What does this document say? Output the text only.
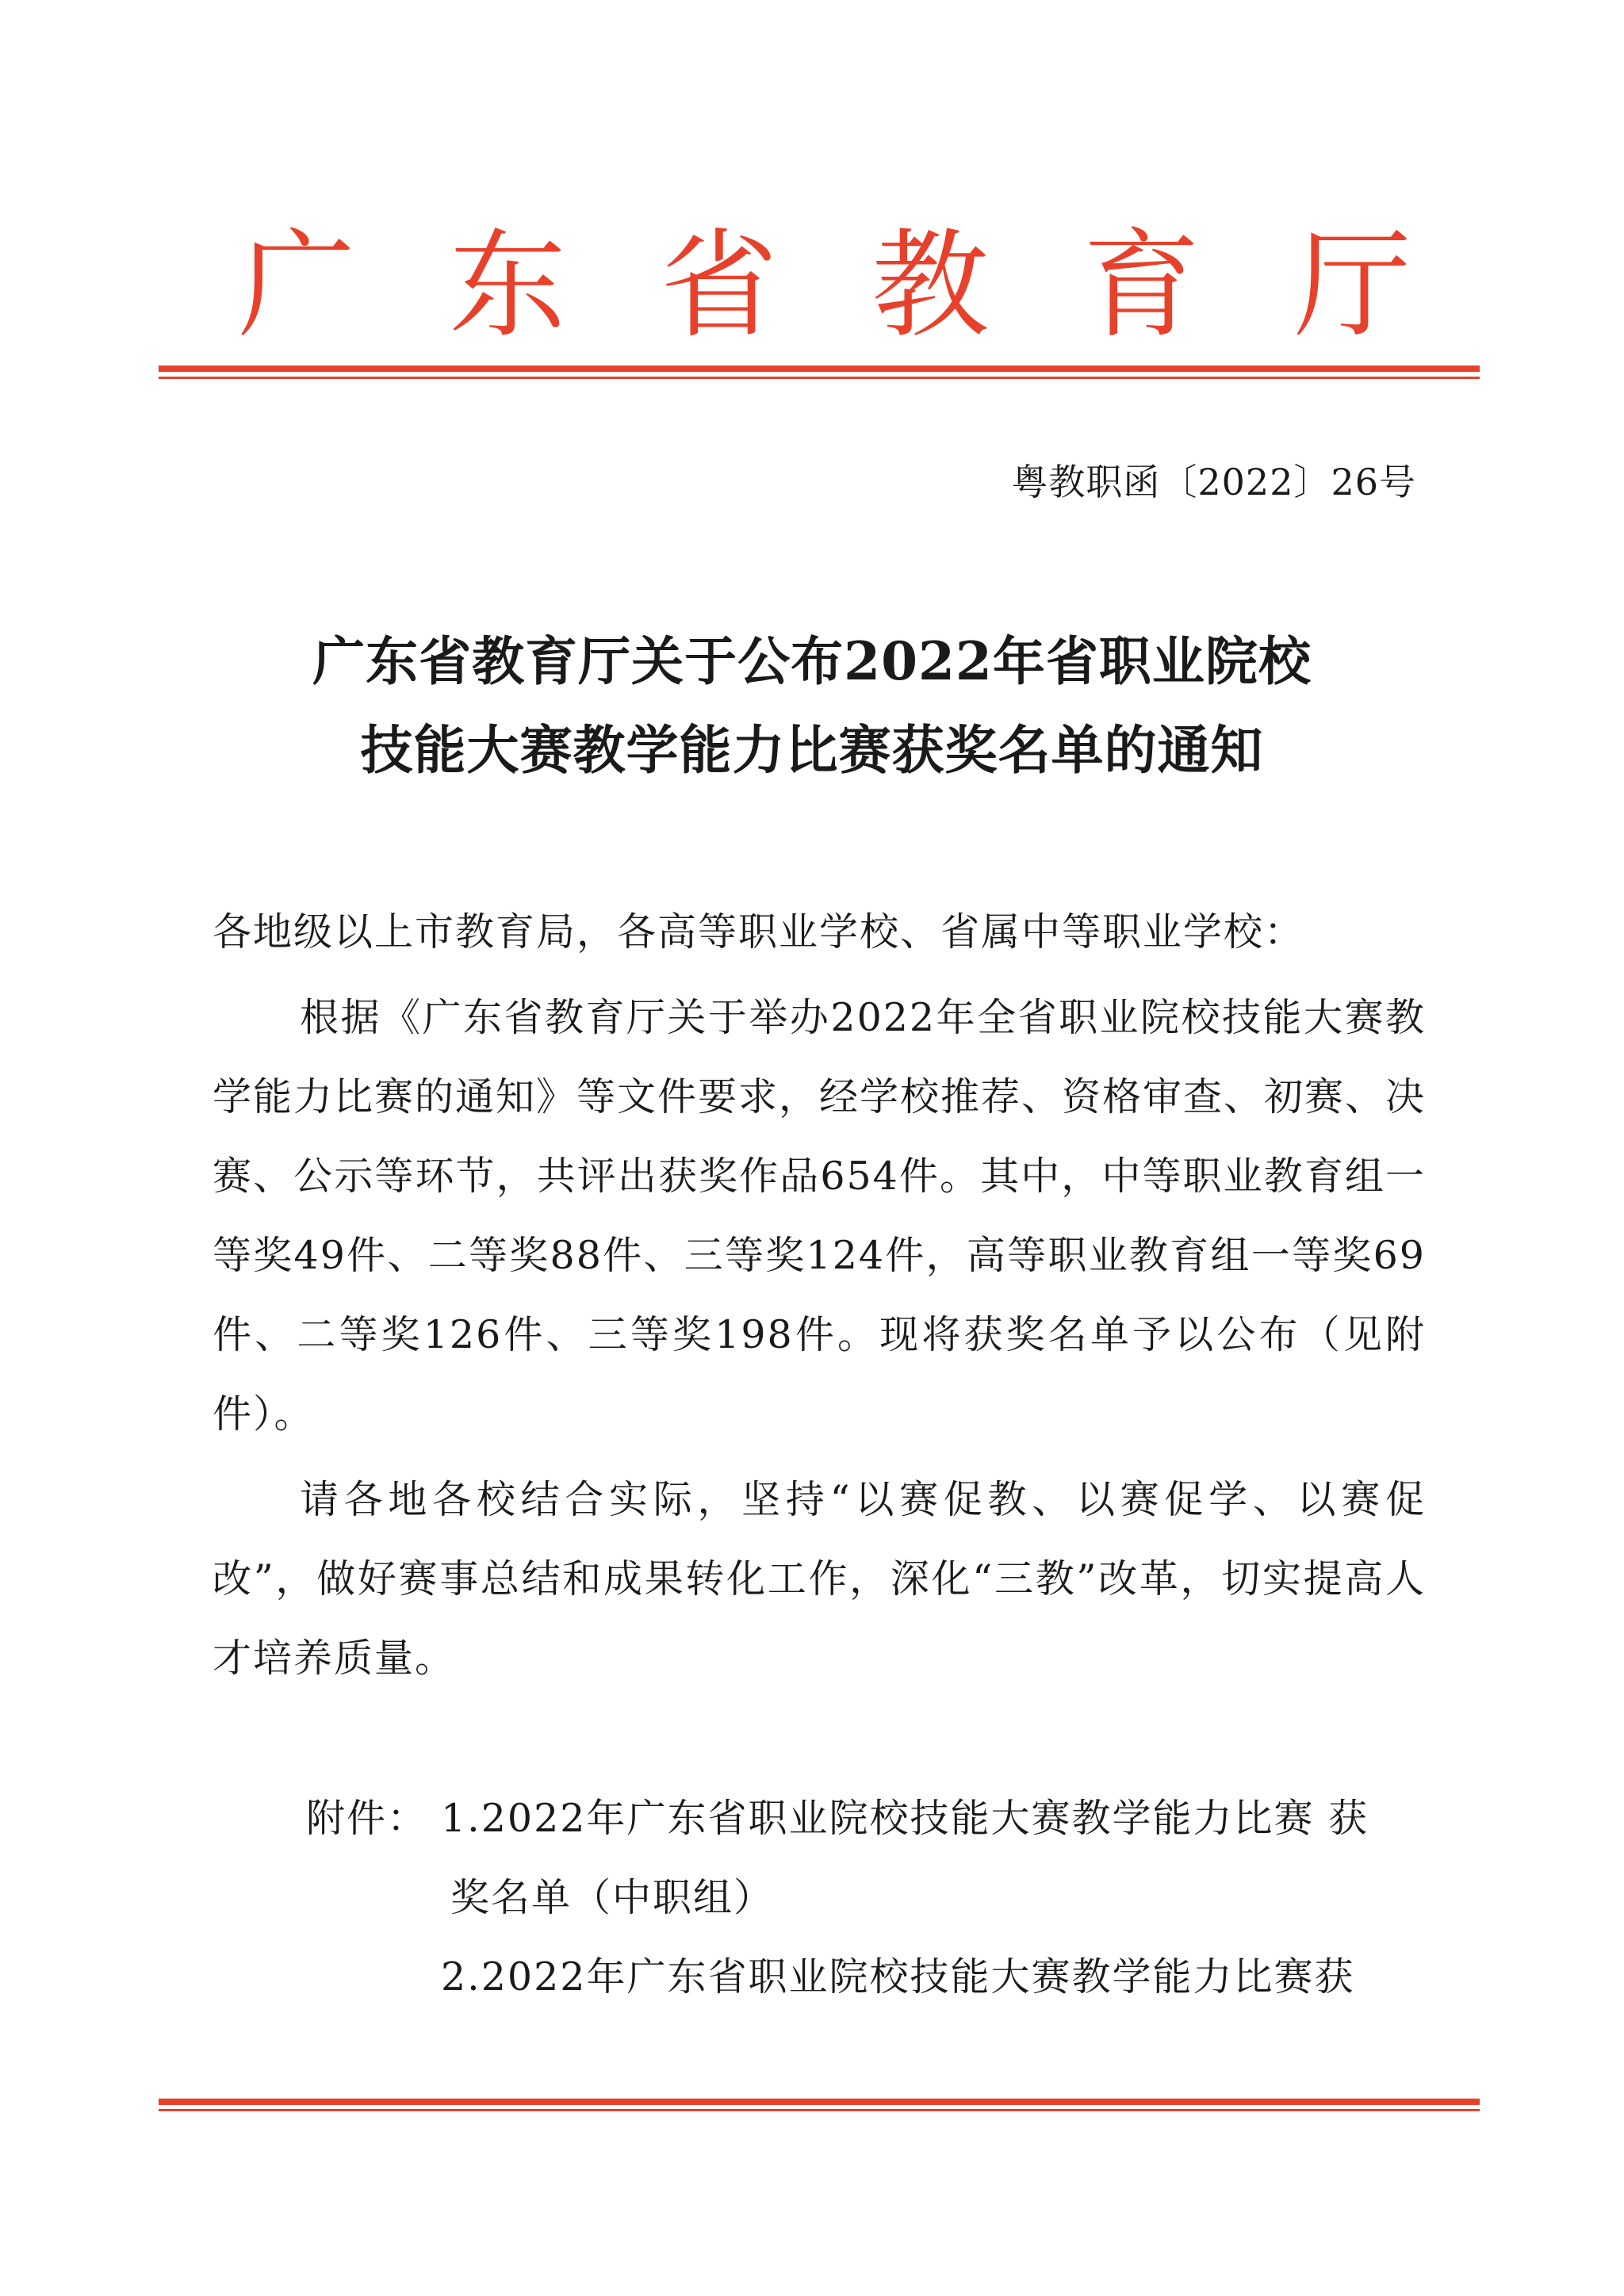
广 东 省 教 育 厅
粤教职函〔2022〕26号
广东省教育厅关于公布2022年省职业院校
技能大赛教学能力比赛获奖名单的通知

各地级以上市教育局，各高等职业学校、省属中等职业学校：

根据《广东省教育厅关于举办2022年全省职业院校技能大赛教学能力比赛的通知》等文件要求，经学校推荐、资格审查、初赛、决赛、公示等环节，共评出获奖作品654件。其中，中等职业教育组一等奖49件、二等奖88件、三等奖124件，高等职业教育组一等奖69件、二等奖126件、三等奖198件。现将获奖名单予以公布（见附件）。

请各地各校结合实际，坚持“以赛促教、以赛促学、以赛促改”，做好赛事总结和成果转化工作，深化“三教”改革，切实提高人才培养质量。

附件： 1.2022年广东省职业院校技能大赛教学能力比赛 获
奖名单（中职组）
2.2022年广东省职业院校技能大赛教学能力比赛获
